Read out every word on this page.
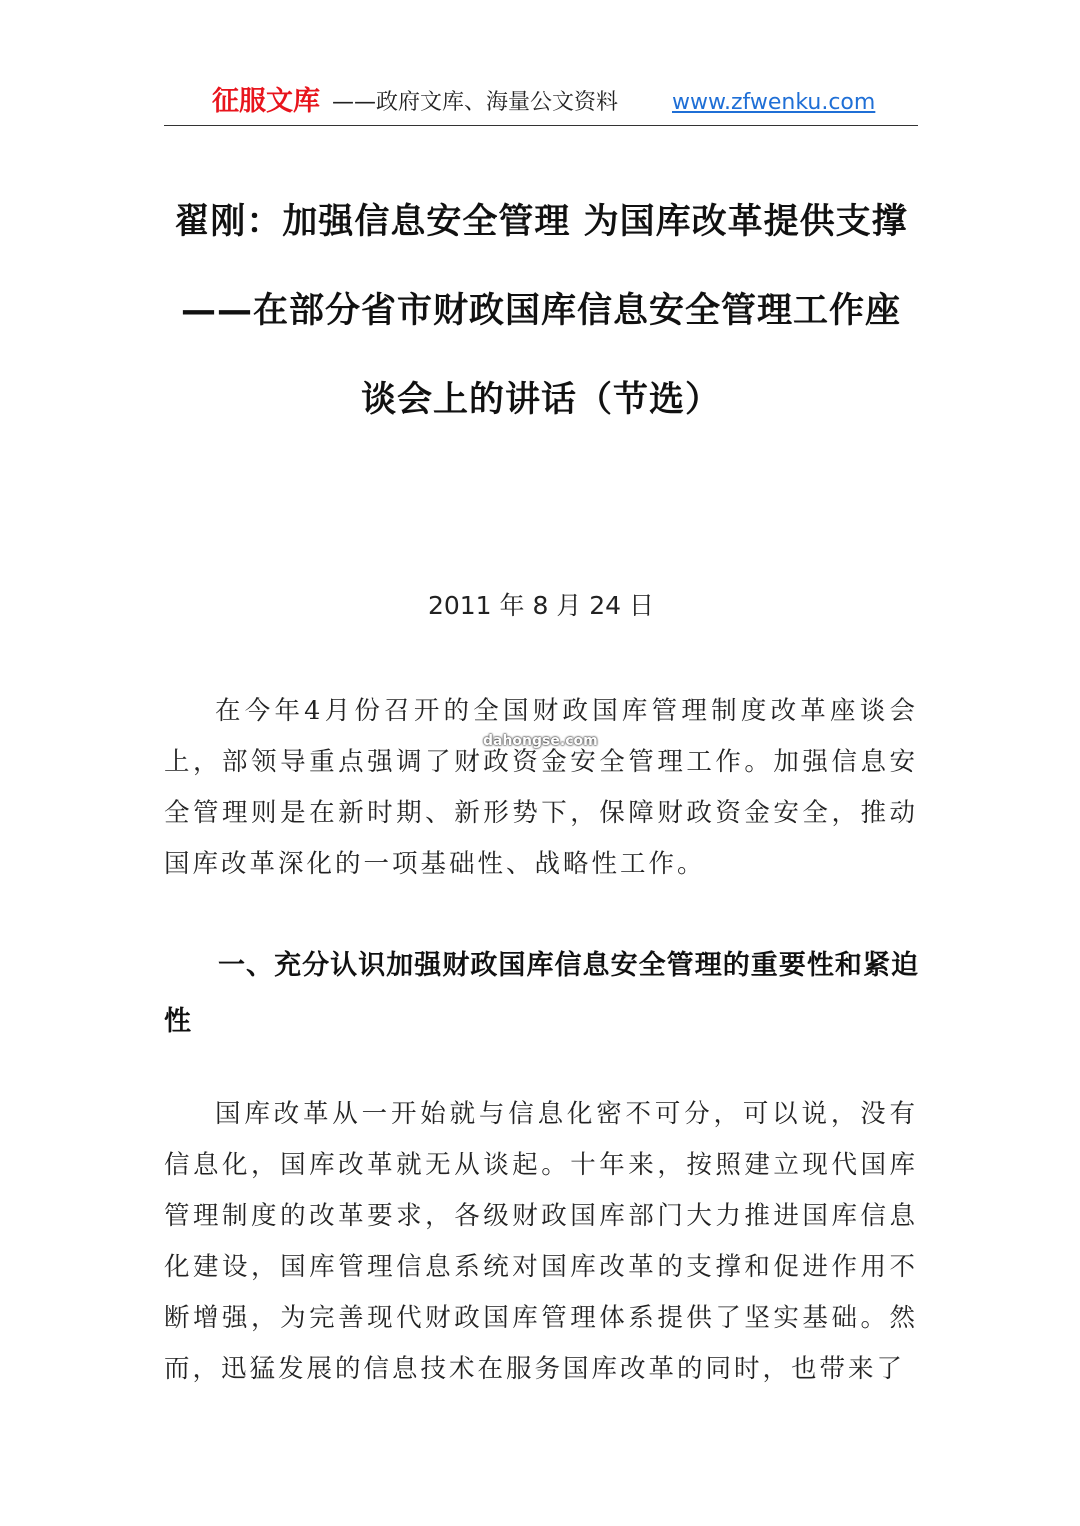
征服文库 ——政府文库、海量公文资料 www.zfwenku.com
翟刚：加强信息安全管理 为国库改革提供支撑 ——在部分省市财政国库信息安全管理工作座谈会上的讲话（节选）
2011 年 8 月 24 日

在今年4月份召开的全国财政国库管理制度改革座谈会上，部领导重点强调了财政资金安全管理工作。加强信息安全管理则是在新时期、新形势下，保障财政资金安全，推动国库改革深化的一项基础性、战略性工作。

dahongse.com

一、充分认识加强财政国库信息安全管理的重要性和紧迫性

国库改革从一开始就与信息化密不可分，可以说，没有信息化，国库改革就无从谈起。十年来，按照建立现代国库管理制度的改革要求，各级财政国库部门大力推进国库信息化建设，国库管理信息系统对国库改革的支撑和促进作用不断增强，为完善现代财政国库管理体系提供了坚实基础。然而，迅猛发展的信息技术在服务国库改革的同时，也带来了
